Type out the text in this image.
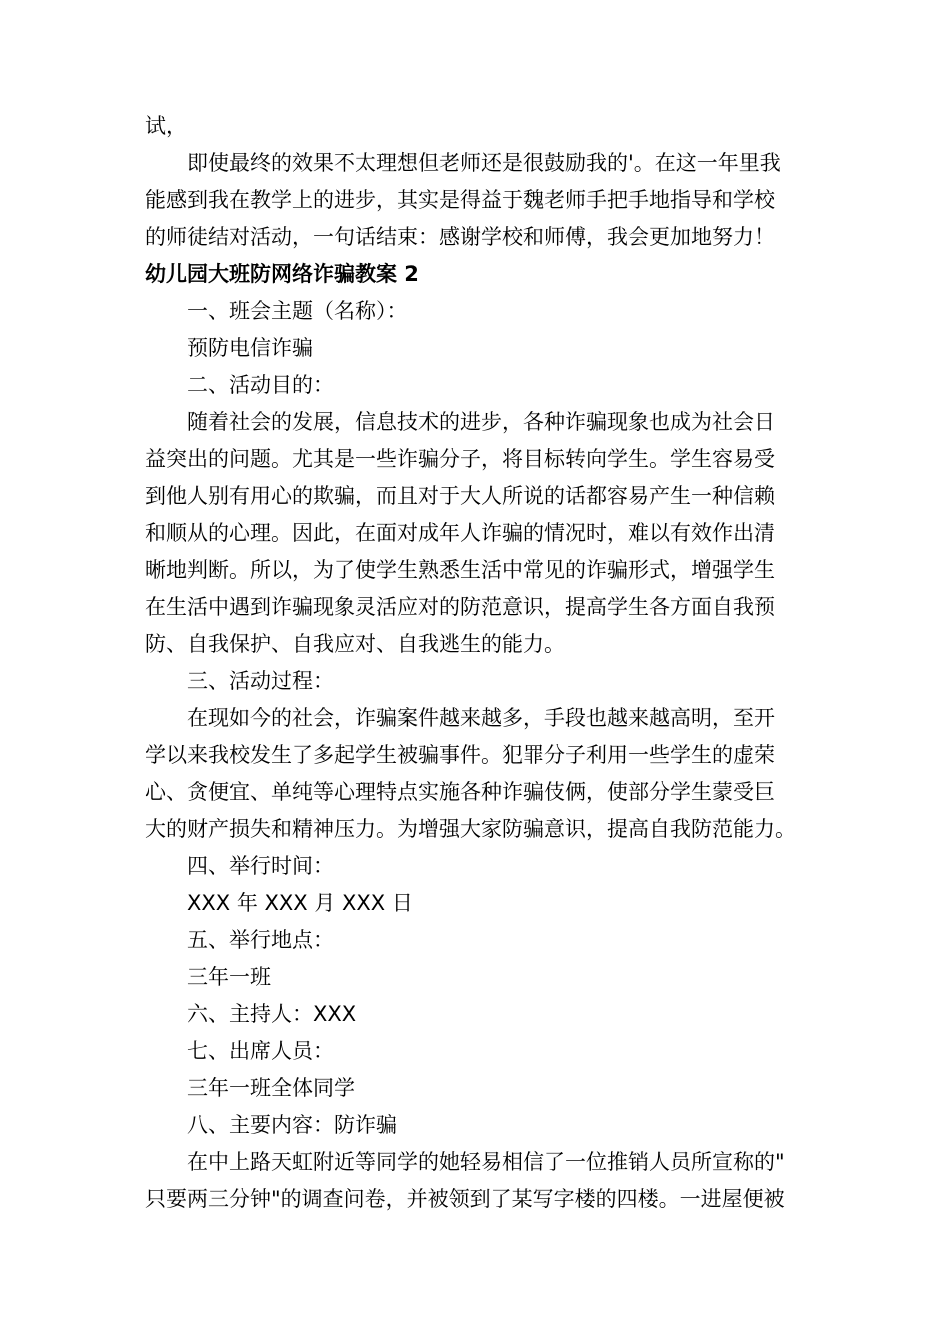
试，
即使最终的效果不太理想但老师还是很鼓励我的'。在这一年里我
能感到我在教学上的进步，其实是得益于魏老师手把手地指导和学校
的师徒结对活动，一句话结束：感谢学校和师傅，我会更加地努力！
幼儿园大班防网络诈骗教案 2
一、班会主题（名称）：
预防电信诈骗
二、活动目的：
随着社会的发展，信息技术的进步，各种诈骗现象也成为社会日
益突出的问题。尤其是一些诈骗分子，将目标转向学生。学生容易受
到他人别有用心的欺骗，而且对于大人所说的话都容易产生一种信赖
和顺从的心理。因此，在面对成年人诈骗的情况时，难以有效作出清
晰地判断。所以，为了使学生熟悉生活中常见的诈骗形式，增强学生
在生活中遇到诈骗现象灵活应对的防范意识，提高学生各方面自我预
防、自我保护、自我应对、自我逃生的能力。
三、活动过程：
在现如今的社会，诈骗案件越来越多，手段也越来越高明，至开
学以来我校发生了多起学生被骗事件。犯罪分子利用一些学生的虚荣
心、贪便宜、单纯等心理特点实施各种诈骗伎俩，使部分学生蒙受巨
大的财产损失和精神压力。为增强大家防骗意识，提高自我防范能力。
四、举行时间：
XXX 年 XXX 月 XXX 日
五、举行地点：
三年一班
六、主持人：XXX
七、出席人员：
三年一班全体同学
八、主要内容：防诈骗
在中上路天虹附近等同学的她轻易相信了一位推销人员所宣称的"
只要两三分钟"的调查问卷，并被领到了某写字楼的四楼。一进屋便被
